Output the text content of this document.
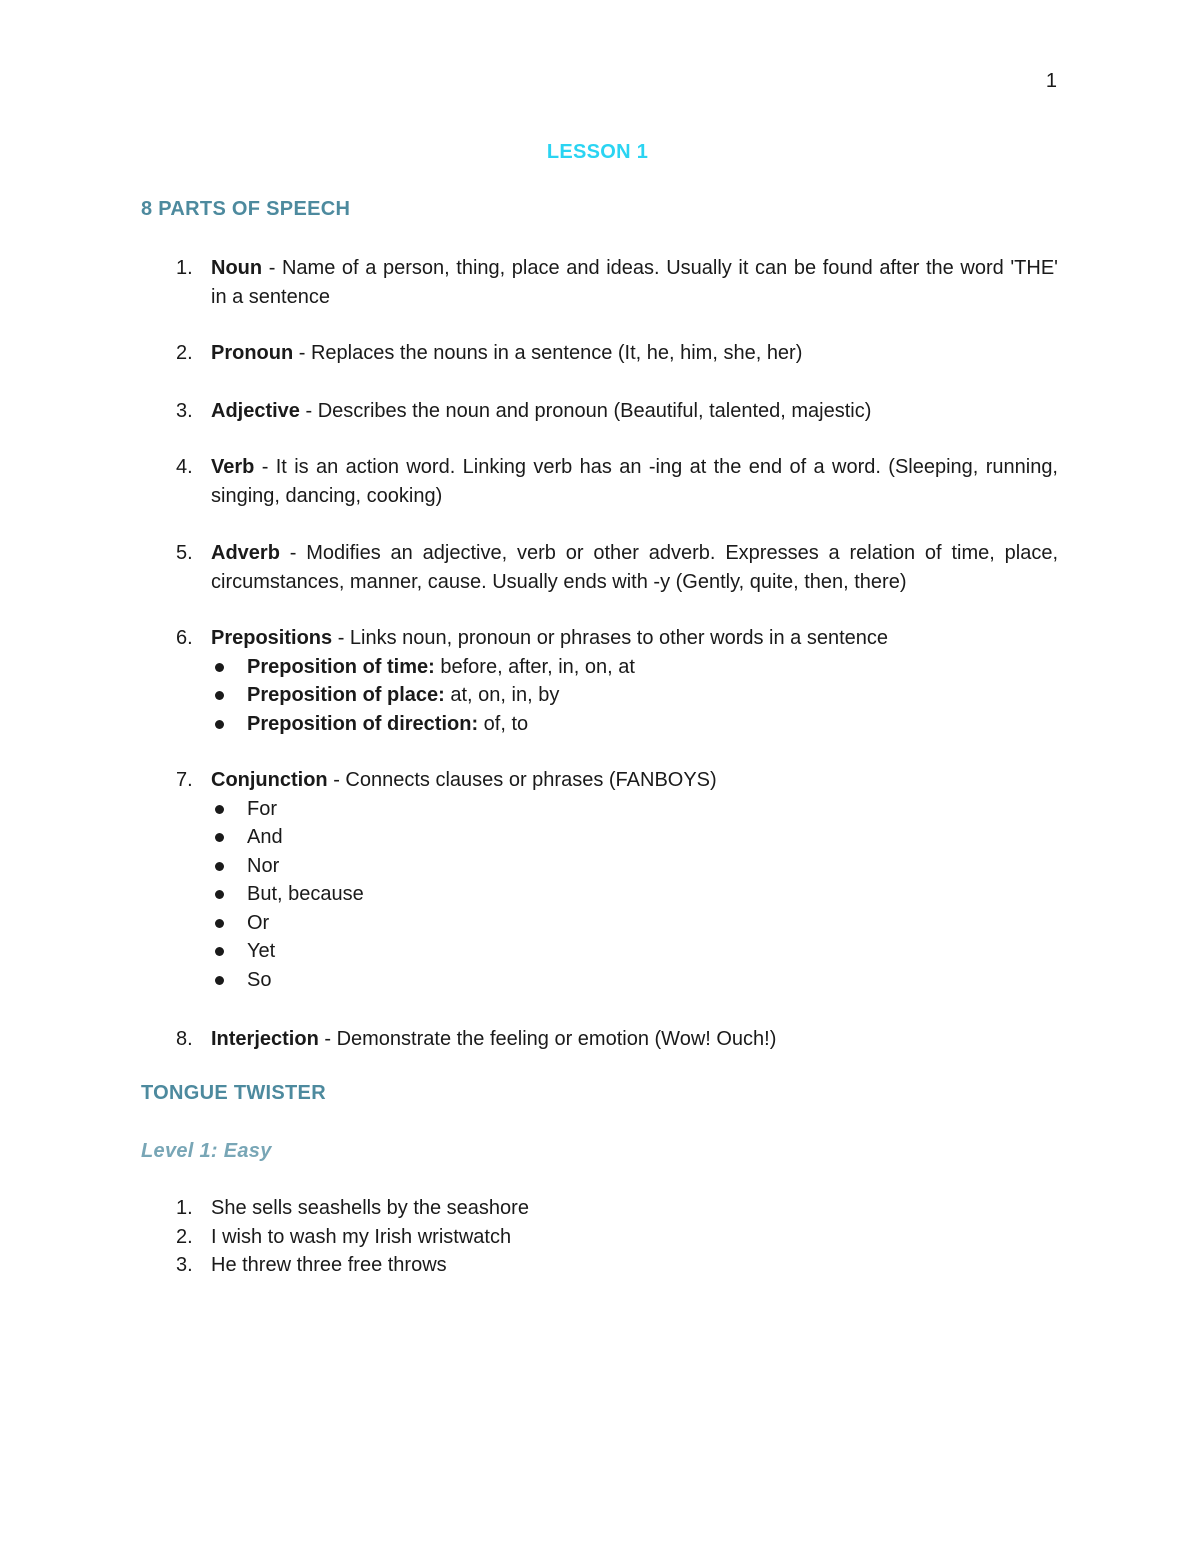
1
LESSON 1
8 PARTS OF SPEECH
1. Noun - Name of a person, thing, place and ideas. Usually it can be found after the word 'THE' in a sentence
2. Pronoun - Replaces the nouns in a sentence (It, he, him, she, her)
3. Adjective - Describes the noun and pronoun (Beautiful, talented, majestic)
4. Verb - It is an action word. Linking verb has an -ing at the end of a word. (Sleeping, running, singing, dancing, cooking)
5. Adverb - Modifies an adjective, verb or other adverb. Expresses a relation of time, place, circumstances, manner, cause. Usually ends with -y (Gently, quite, then, there)
6. Prepositions - Links noun, pronoun or phrases to other words in a sentence
Preposition of time: before, after, in, on, at
Preposition of place: at, on, in, by
Preposition of direction: of, to
7. Conjunction - Connects clauses or phrases (FANBOYS)
For
And
Nor
But, because
Or
Yet
So
8. Interjection - Demonstrate the feeling or emotion (Wow! Ouch!)
TONGUE TWISTER
Level 1: Easy
1. She sells seashells by the seashore
2. I wish to wash my Irish wristwatch
3. He threw three free throws
